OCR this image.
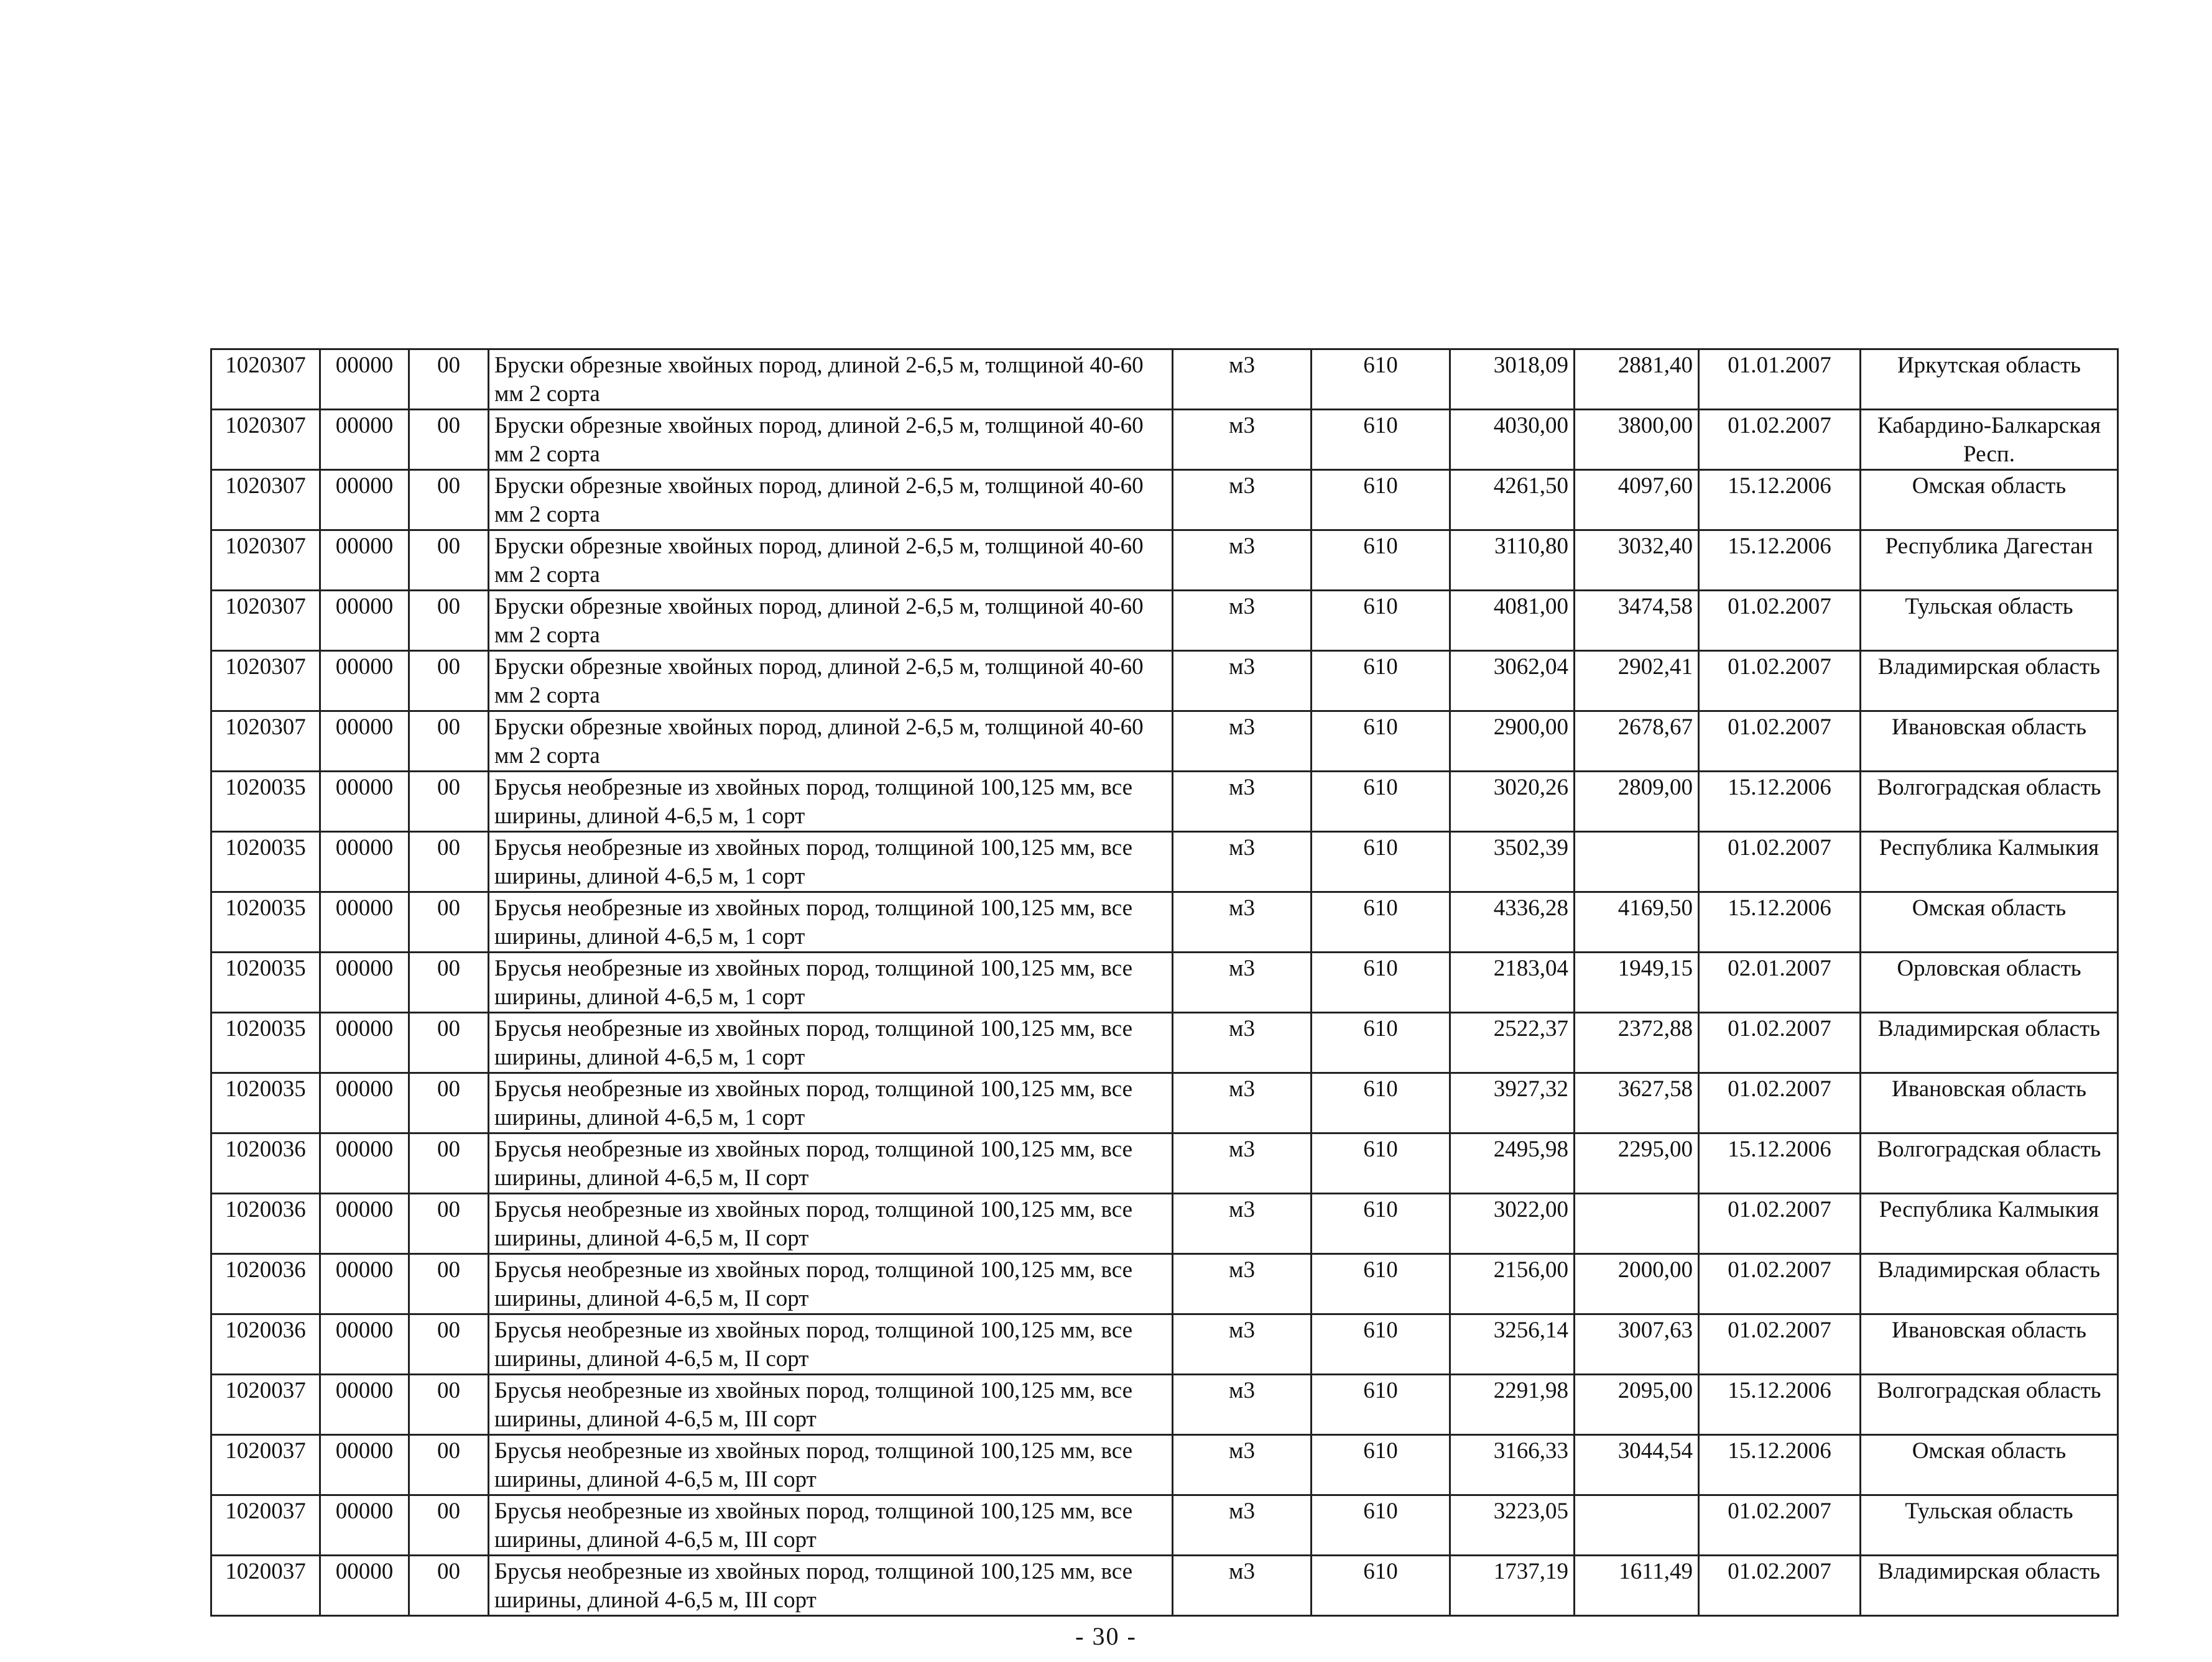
1020307	00000	00	Бруски обрезные хвойных пород, длиной 2-6,5 м, толщиной 40-60 мм 2 сорта	м3	610	3018,09	2881,40	01.01.2007	Иркутская область
1020307	00000	00	Бруски обрезные хвойных пород, длиной 2-6,5 м, толщиной 40-60 мм 2 сорта	м3	610	4030,00	3800,00	01.02.2007	Кабардино-Балкарская Респ.
1020307	00000	00	Бруски обрезные хвойных пород, длиной 2-6,5 м, толщиной 40-60 мм 2 сорта	м3	610	4261,50	4097,60	15.12.2006	Омская область
1020307	00000	00	Бруски обрезные хвойных пород, длиной 2-6,5 м, толщиной 40-60 мм 2 сорта	м3	610	3110,80	3032,40	15.12.2006	Республика Дагестан
1020307	00000	00	Бруски обрезные хвойных пород, длиной 2-6,5 м, толщиной 40-60 мм 2 сорта	м3	610	4081,00	3474,58	01.02.2007	Тульская область
1020307	00000	00	Бруски обрезные хвойных пород, длиной 2-6,5 м, толщиной 40-60 мм 2 сорта	м3	610	3062,04	2902,41	01.02.2007	Владимирская область
1020307	00000	00	Бруски обрезные хвойных пород, длиной 2-6,5 м, толщиной 40-60 мм 2 сорта	м3	610	2900,00	2678,67	01.02.2007	Ивановская область
1020035	00000	00	Брусья необрезные из хвойных пород, толщиной 100,125 мм, все ширины, длиной 4-6,5 м, 1 сорт	м3	610	3020,26	2809,00	15.12.2006	Волгоградская область
1020035	00000	00	Брусья необрезные из хвойных пород, толщиной 100,125 мм, все ширины, длиной 4-6,5 м, 1 сорт	м3	610	3502,39		01.02.2007	Республика Калмыкия
1020035	00000	00	Брусья необрезные из хвойных пород, толщиной 100,125 мм, все ширины, длиной 4-6,5 м, 1 сорт	м3	610	4336,28	4169,50	15.12.2006	Омская область
1020035	00000	00	Брусья необрезные из хвойных пород, толщиной 100,125 мм, все ширины, длиной 4-6,5 м, 1 сорт	м3	610	2183,04	1949,15	02.01.2007	Орловская область
1020035	00000	00	Брусья необрезные из хвойных пород, толщиной 100,125 мм, все ширины, длиной 4-6,5 м, 1 сорт	м3	610	2522,37	2372,88	01.02.2007	Владимирская область
1020035	00000	00	Брусья необрезные из хвойных пород, толщиной 100,125 мм, все ширины, длиной 4-6,5 м, 1 сорт	м3	610	3927,32	3627,58	01.02.2007	Ивановская область
1020036	00000	00	Брусья необрезные из хвойных пород, толщиной 100,125 мм, все ширины, длиной 4-6,5 м, II сорт	м3	610	2495,98	2295,00	15.12.2006	Волгоградская область
1020036	00000	00	Брусья необрезные из хвойных пород, толщиной 100,125 мм, все ширины, длиной 4-6,5 м, II сорт	м3	610	3022,00		01.02.2007	Республика Калмыкия
1020036	00000	00	Брусья необрезные из хвойных пород, толщиной 100,125 мм, все ширины, длиной 4-6,5 м, II сорт	м3	610	2156,00	2000,00	01.02.2007	Владимирская область
1020036	00000	00	Брусья необрезные из хвойных пород, толщиной 100,125 мм, все ширины, длиной 4-6,5 м, II сорт	м3	610	3256,14	3007,63	01.02.2007	Ивановская область
1020037	00000	00	Брусья необрезные из хвойных пород, толщиной 100,125 мм, все ширины, длиной 4-6,5 м, III сорт	м3	610	2291,98	2095,00	15.12.2006	Волгоградская область
1020037	00000	00	Брусья необрезные из хвойных пород, толщиной 100,125 мм, все ширины, длиной 4-6,5 м, III сорт	м3	610	3166,33	3044,54	15.12.2006	Омская область
1020037	00000	00	Брусья необрезные из хвойных пород, толщиной 100,125 мм, все ширины, длиной 4-6,5 м, III сорт	м3	610	3223,05		01.02.2007	Тульская область
1020037	00000	00	Брусья необрезные из хвойных пород, толщиной 100,125 мм, все ширины, длиной 4-6,5 м, III сорт	м3	610	1737,19	1611,49	01.02.2007	Владимирская область
- 30 -
